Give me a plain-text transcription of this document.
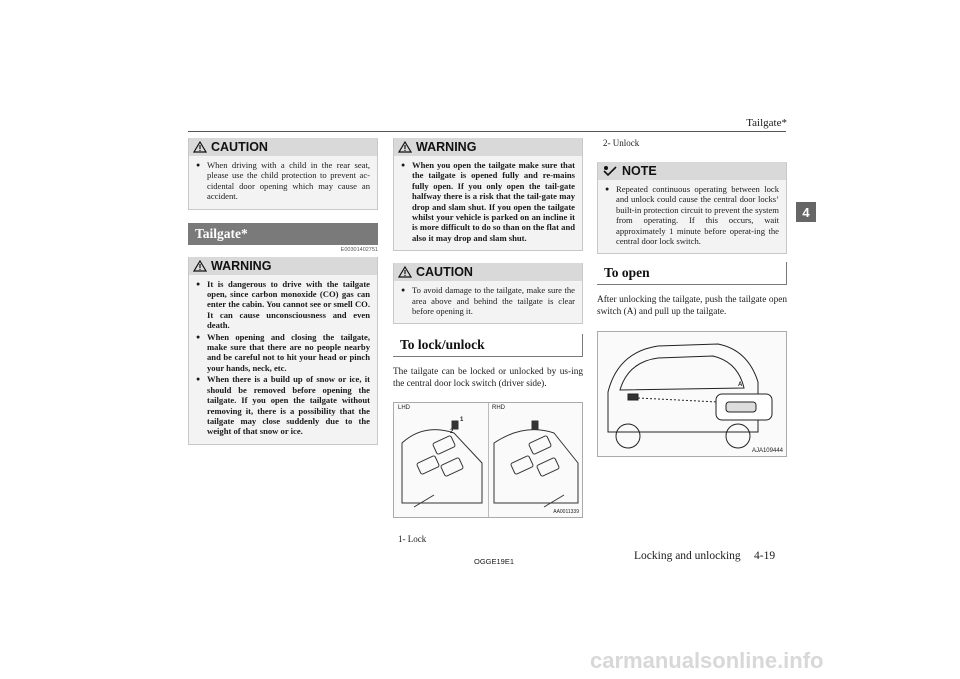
Tailgate*
4
CAUTION
● When driving with a child in the rear seat, please use the child protection to prevent ac-cidental door opening which may cause an accident.
Tailgate*
E00301402751
WARNING
● It is dangerous to drive with the tailgate open, since carbon monoxide (CO) gas can enter the cabin. You cannot see or smell CO. It can cause unconsciousness and even death.
● When opening and closing the tailgate, make sure that there are no people nearby and be careful not to hit your head or pinch your hands, neck, etc.
● When there is a build up of snow or ice, it should be removed before opening the tailgate. If you open the tailgate without removing it, there is a possibility that the tailgate may close suddenly due to the weight of that snow or ice.
WARNING
● When you open the tailgate make sure that the tailgate is opened fully and re-mains fully open. If you only open the tail-gate halfway there is a risk that the tail-gate may drop and slam shut. If you open the tailgate whilst your vehicle is parked on an incline it is more difficult to do so than on the flat and also it may drop and slam shut.
CAUTION
● To avoid damage to the tailgate, make sure the area above and behind the tailgate is clear before opening it.
To lock/unlock
The tailgate can be locked or unlocked by us-ing the central door lock switch (driver side).
LHD	RHD
1
2
AA0011339
1- Lock
2- Unlock
NOTE
● Repeated continuous operating between lock and unlock could cause the central door locks’ built-in protection circuit to prevent the system from operating. If this occurs, wait approximately 1 minute before operat-ing the central door lock switch.
To open
After unlocking the tailgate, push the tailgate open switch (A) and pull up the tailgate.
A
AJA109444
OGGE19E1	Locking and unlocking 4-19
carmanualsonline.info
